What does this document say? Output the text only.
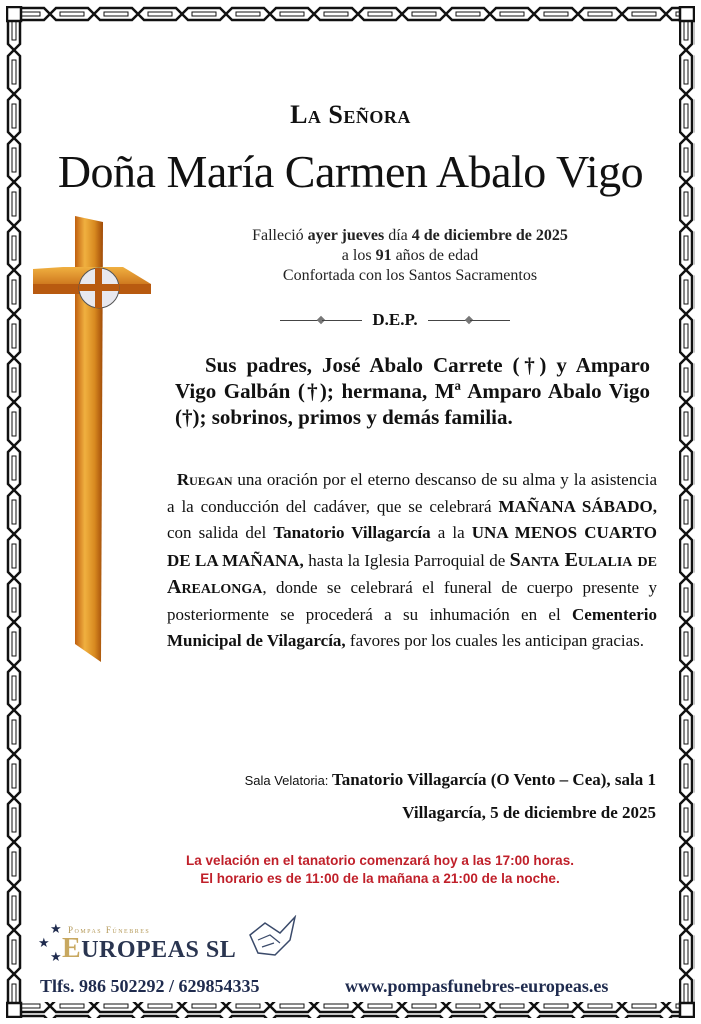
La Señora
Doña María Carmen Abalo Vigo
Falleció ayer jueves día 4 de diciembre de 2025
a los 91 años de edad
Confortada con los Santos Sacramentos
D.E.P.
Sus padres, José Abalo Carrete (†) y Amparo Vigo Galbán (†); hermana, Mª Amparo Abalo Vigo (†); sobrinos, primos y demás familia.
Ruegan una oración por el eterno descanso de su alma y la asistencia a la conducción del cadáver, que se celebrará MAÑANA SÁBADO, con salida del Tanatorio Villagarcía a la UNA MENOS CUARTO DE LA MAÑANA, hasta la Iglesia Parroquial de Santa Eulalia de Arealonga, donde se celebrará el funeral de cuerpo presente y posteriormente se procederá a su inhumación en el Cementerio Municipal de Vilagarcía, favores por los cuales les anticipan gracias.
Sala Velatoria: Tanatorio Villagarcía (O Vento – Cea), sala 1
Villagarcía, 5 de diciembre de 2025
La velación en el tanatorio comenzará hoy a las 17:00 horas.
El horario es de 11:00 de la mañana a 21:00 de la noche.
★
★
★
Pompas Fúnebres
EUROPEAS SL
Tlfs. 986 502292 / 629854335	www.pompasfunebres-europeas.es
